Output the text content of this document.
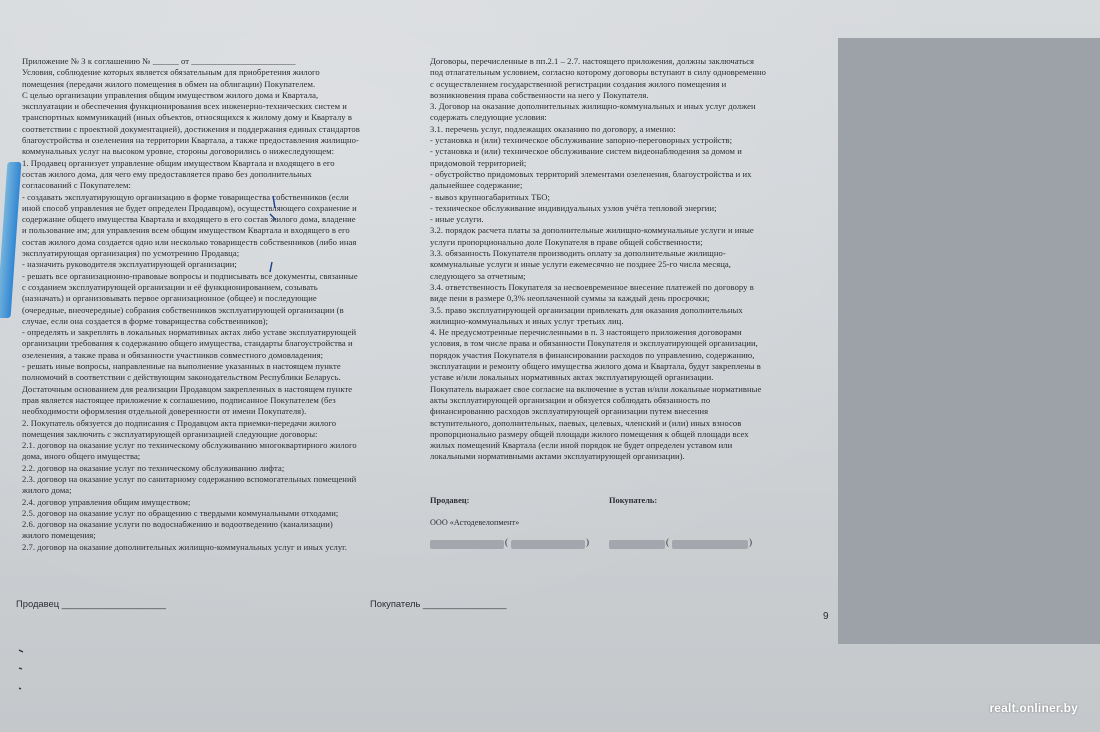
Приложение № 3 к соглашению № ______ от ________________________
Условия, соблюдение которых является обязательным для приобретения жилого
помещения (передачи жилого помещения в обмен на облигации) Покупателем.
С целью организации управления общим имуществом жилого дома и Квартала,
эксплуатации и обеспечения функционирования всех инженерно-технических систем и
транспортных коммуникаций (иных объектов, относящихся к жилому дому и Кварталу в
соответствии с проектной документацией), достижения и поддержания единых стандартов
благоустройства и озеленения на территории Квартала, а также предоставления жилищно-
коммунальных услуг на высоком уровне, стороны договорились о нижеследующем:
1. Продавец организует управление общим имуществом Квартала и входящего в его
состав жилого дома, для чего ему предоставляется право без дополнительных
согласований с Покупателем:
- создавать эксплуатирующую организацию в форме товарищества собственников (если
иной способ управления не будет определен Продавцом), осуществляющего сохранение и
содержание общего имущества Квартала и входящего в его состав жилого дома, владение
и пользование им; для управления всем общим имуществом Квартала и входящего в его
состав жилого дома создается одно или несколько товариществ собственников (либо иная
эксплуатирующая организация) по усмотрению Продавца;
- назначить руководителя эксплуатирующей организации;
- решать все организационно-правовые вопросы и подписывать все документы, связанные
с созданием эксплуатирующей организации и её функционированием, созывать
(назначать) и организовывать первое организационное (общее) и последующие
(очередные, внеочередные) собрания собственников эксплуатирующей организации (в
случае, если она создается в форме товарищества собственников);
- определять и закреплять в локальных нормативных актах либо уставе эксплуатирующей
организации требования к содержанию общего имущества, стандарты благоустройства и
озеленения, а также права и обязанности участников совместного домовладения;
- решать иные вопросы, направленные на выполнение указанных в настоящем пункте
полномочий в соответствии с действующим законодательством Республики Беларусь.
Достаточным основанием для реализации Продавцом закрепленных в настоящем пункте
прав является настоящее приложение к соглашению, подписанное Покупателем (без
необходимости оформления отдельной доверенности от имени Покупателя).
2. Покупатель обязуется до подписания с Продавцом акта приемки-передачи жилого
помещения заключить с эксплуатирующей организацией следующие договоры:
2.1. договор на оказание услуг по техническому обслуживанию многоквартирного жилого
дома, иного общего имущества;
2.2. договор на оказание услуг по техническому обслуживанию лифта;
2.3. договор на оказание услуг по санитарному содержанию вспомогательных помещений
жилого дома;
2.4. договор управления общим имуществом;
2.5. договор на оказание услуг по обращению с твердыми коммунальными отходами;
2.6. договор на оказание услуги по водоснабжению и водоотведению (канализации)
жилого помещения;
2.7. договор на оказание дополнительных жилищно-коммунальных услуг и иных услуг.
Договоры, перечисленные в пп.2.1 – 2.7. настоящего приложения, должны заключаться
под отлагательным условием, согласно которому договоры вступают в силу одновременно
с осуществлением государственной регистрации создания жилого помещения и
возникновения права собственности на него у Покупателя.
3. Договор на оказание дополнительных жилищно-коммунальных и иных услуг должен
содержать следующие условия:
3.1. перечень услуг, подлежащих оказанию по договору, а именно:
- установка и (или) техническое обслуживание запорно-переговорных устройств;
- установка и (или) техническое обслуживание систем видеонаблюдения за домом и
придомовой территорией;
- обустройство придомовых территорий элементами озеленения, благоустройства и их
дальнейшее содержание;
- вывоз крупногабаритных ТБО;
- техническое обслуживание индивидуальных узлов учёта тепловой энергии;
- иные услуги.
3.2. порядок расчета платы за дополнительные жилищно-коммунальные услуги и иные
услуги пропорционально доле Покупателя в праве общей собственности;
3.3. обязанность Покупателя производить оплату за дополнительные жилищно-
коммунальные услуги и иные услуги ежемесячно не позднее 25-го числа месяца,
следующего за отчетным;
3.4. ответственность Покупателя за несвоевременное внесение платежей по договору в
виде пени в размере 0,3% неоплаченной суммы за каждый день просрочки;
3.5. право эксплуатирующей организации привлекать для оказания дополнительных
жилищно-коммунальных и иных услуг третьих лиц.
4. Не предусмотренные перечисленными в п. 3 настоящего приложения договорами
условия, в том числе права и обязанности Покупателя и эксплуатирующей организации,
порядок участия Покупателя в финансировании расходов по управлению, содержанию,
эксплуатации и ремонту общего имущества жилого дома и Квартала, будут закреплены в
уставе и/или локальных нормативных актах эксплуатирующей организации.
Покупатель выражает свое согласие на включение в устав и/или локальные нормативные
акты эксплуатирующей организации и обязуется соблюдать обязанность по
финансированию расходов эксплуатирующей организации путем внесения
вступительного, дополнительных, паевых, целевых, членский и (или) иных взносов
пропорционально размеру общей площади жилого помещения к общей площади всех
жилых помещений Квартала (если иной порядок не будет определен уставом или
локальными нормативными актами эксплуатирующей организации).
Продавец:	Покупатель:
ООО «Астодевелопмент»
(	)	(	)
Продавец ____________________	Покупатель ________________
9
realt.onliner.by
